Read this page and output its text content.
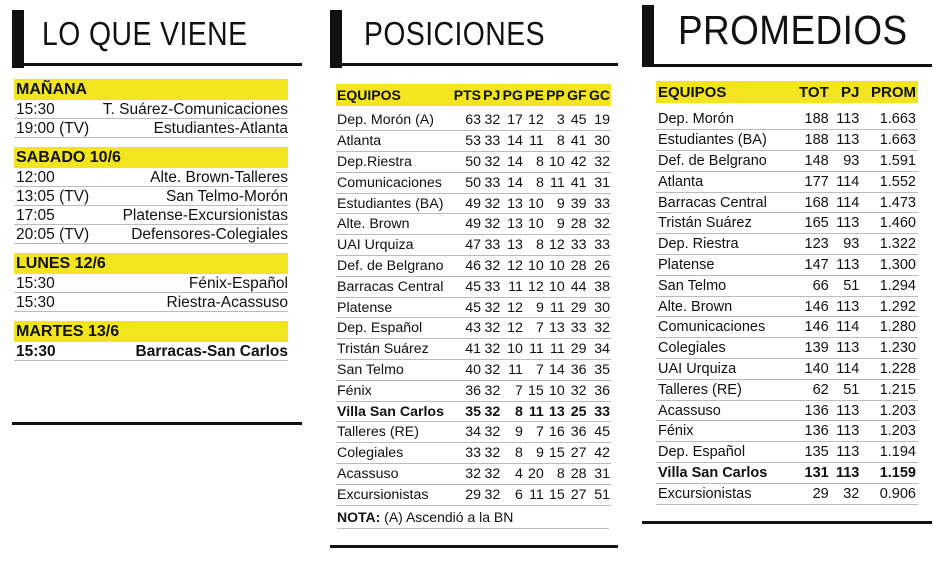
LO QUE VIENE
MAÑANA
15:30	T. Suárez-Comunicaciones
19:00 (TV)	Estudiantes-Atlanta
SABADO 10/6
12:00	Alte. Brown-Talleres
13:05 (TV)	San Telmo-Morón
17:05	Platense-Excursionistas
20:05 (TV)	Defensores-Colegiales
LUNES 12/6
15:30	Fénix-Español
15:30	Riestra-Acassuso
MARTES 13/6
15:30	Barracas-San Carlos
POSICIONES
EQUIPOS	PTS	PJ	PG	PE	PP	GF	GC

Dep. Morón (A)	63	32	17	12	3	45	19
Atlanta	53	33	14	11	8	41	30
Dep.Riestra	50	32	14	8	10	42	32
Comunicaciones	50	33	14	8	11	41	31
Estudiantes (BA)	49	32	13	10	9	39	33
Alte. Brown	49	32	13	10	9	28	32
UAI Urquiza	47	33	13	8	12	33	33
Def. de Belgrano	46	32	12	10	10	28	26
Barracas Central	45	33	11	12	10	44	38
Platense	45	32	12	9	11	29	30
Dep. Español	43	32	12	7	13	33	32
Tristán Suárez	41	32	10	11	11	29	34
San Telmo	40	32	11	7	14	36	35
Fénix	36	32	7	15	10	32	36
Villa San Carlos	35	32	8	11	13	25	33
Talleres (RE)	34	32	9	7	16	36	45
Colegiales	33	32	8	9	15	27	42
Acassuso	32	32	4	20	8	28	31
Excursionistas	29	32	6	11	15	27	51
NOTA: (A) Ascendió a la BN
PROMEDIOS
EQUIPOS	TOT	PJ	PROM

Dep. Morón	188	113	1.663
Estudiantes (BA)	188	113	1.663
Def. de Belgrano	148	93	1.591
Atlanta	177	114	1.552
Barracas Central	168	114	1.473
Tristán Suárez	165	113	1.460
Dep. Riestra	123	93	1.322
Platense	147	113	1.300
San Telmo	66	51	1.294
Alte. Brown	146	113	1.292
Comunicaciones	146	114	1.280
Colegiales	139	113	1.230
UAI Urquiza	140	114	1.228
Talleres (RE)	62	51	1.215
Acassuso	136	113	1.203
Fénix	136	113	1.203
Dep. Español	135	113	1.194
Villa San Carlos	131	113	1.159
Excursionistas	29	32	0.906
